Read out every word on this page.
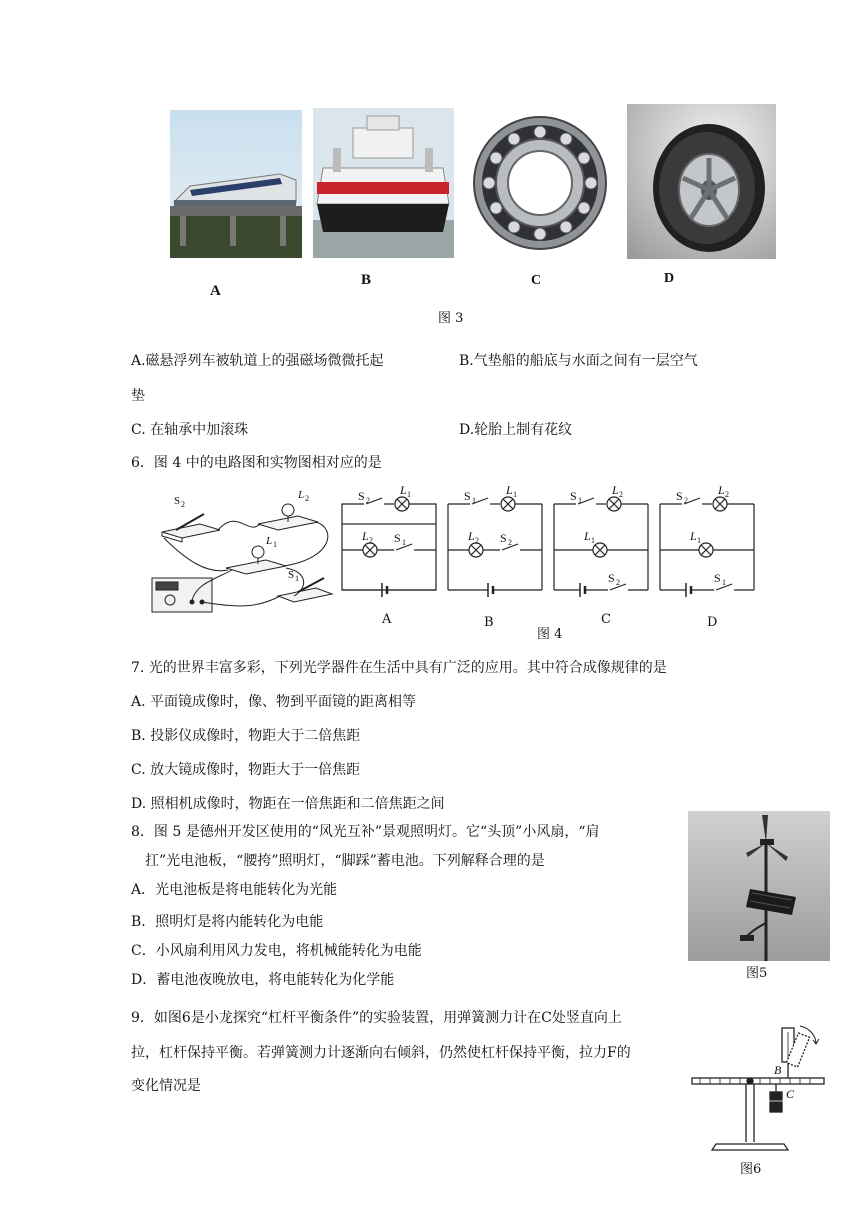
A
B	C	D
图 3
A.磁悬浮列车被轨道上的强磁场微微托起
垫
B.气垫船的船底与水面之间有一层空气
C. 在轴承中加滚珠	D.轮胎上制有花纹
6．图 4 中的电路图和实物图相对应的是
S 2
L 2
L 1
S 1
S 2
L 1
L 2 S 1
S 1
L 1
L 2 S 2
S 1
L 2
L 1
S 2
S 2
L 2
L 1
S 1
A	B
图 4
C	D
7. 光的世界丰富多彩，下列光学器件在生活中具有广泛的应用。其中符合成像规律的是
A. 平面镜成像时，像、物到平面镜的距离相等
B. 投影仪成像时，物距大于二倍焦距
C. 放大镜成像时，物距大于一倍焦距
D. 照相机成像时，物距在一倍焦距和二倍焦距之间
8．图 5 是德州开发区使用的“风光互补”景观照明灯。它“头顶”小风扇，“肩
扛”光电池板，“腰挎”照明灯，“脚踩”蓄电池。下列解释合理的是
A．光电池板是将电能转化为光能
B．照明灯是将内能转化为电能
C．小风扇利用风力发电，将机械能转化为电能
D．蓄电池夜晚放电，将电能转化为化学能	图5
9．如图6是小龙探究“杠杆平衡条件”的实验装置，用弹簧测力计在C处竖直向上
拉，杠杆保持平衡。若弹簧测力计逐渐向右倾斜，仍然使杠杆保持平衡，拉力F的
变化情况是
B
C
图6
